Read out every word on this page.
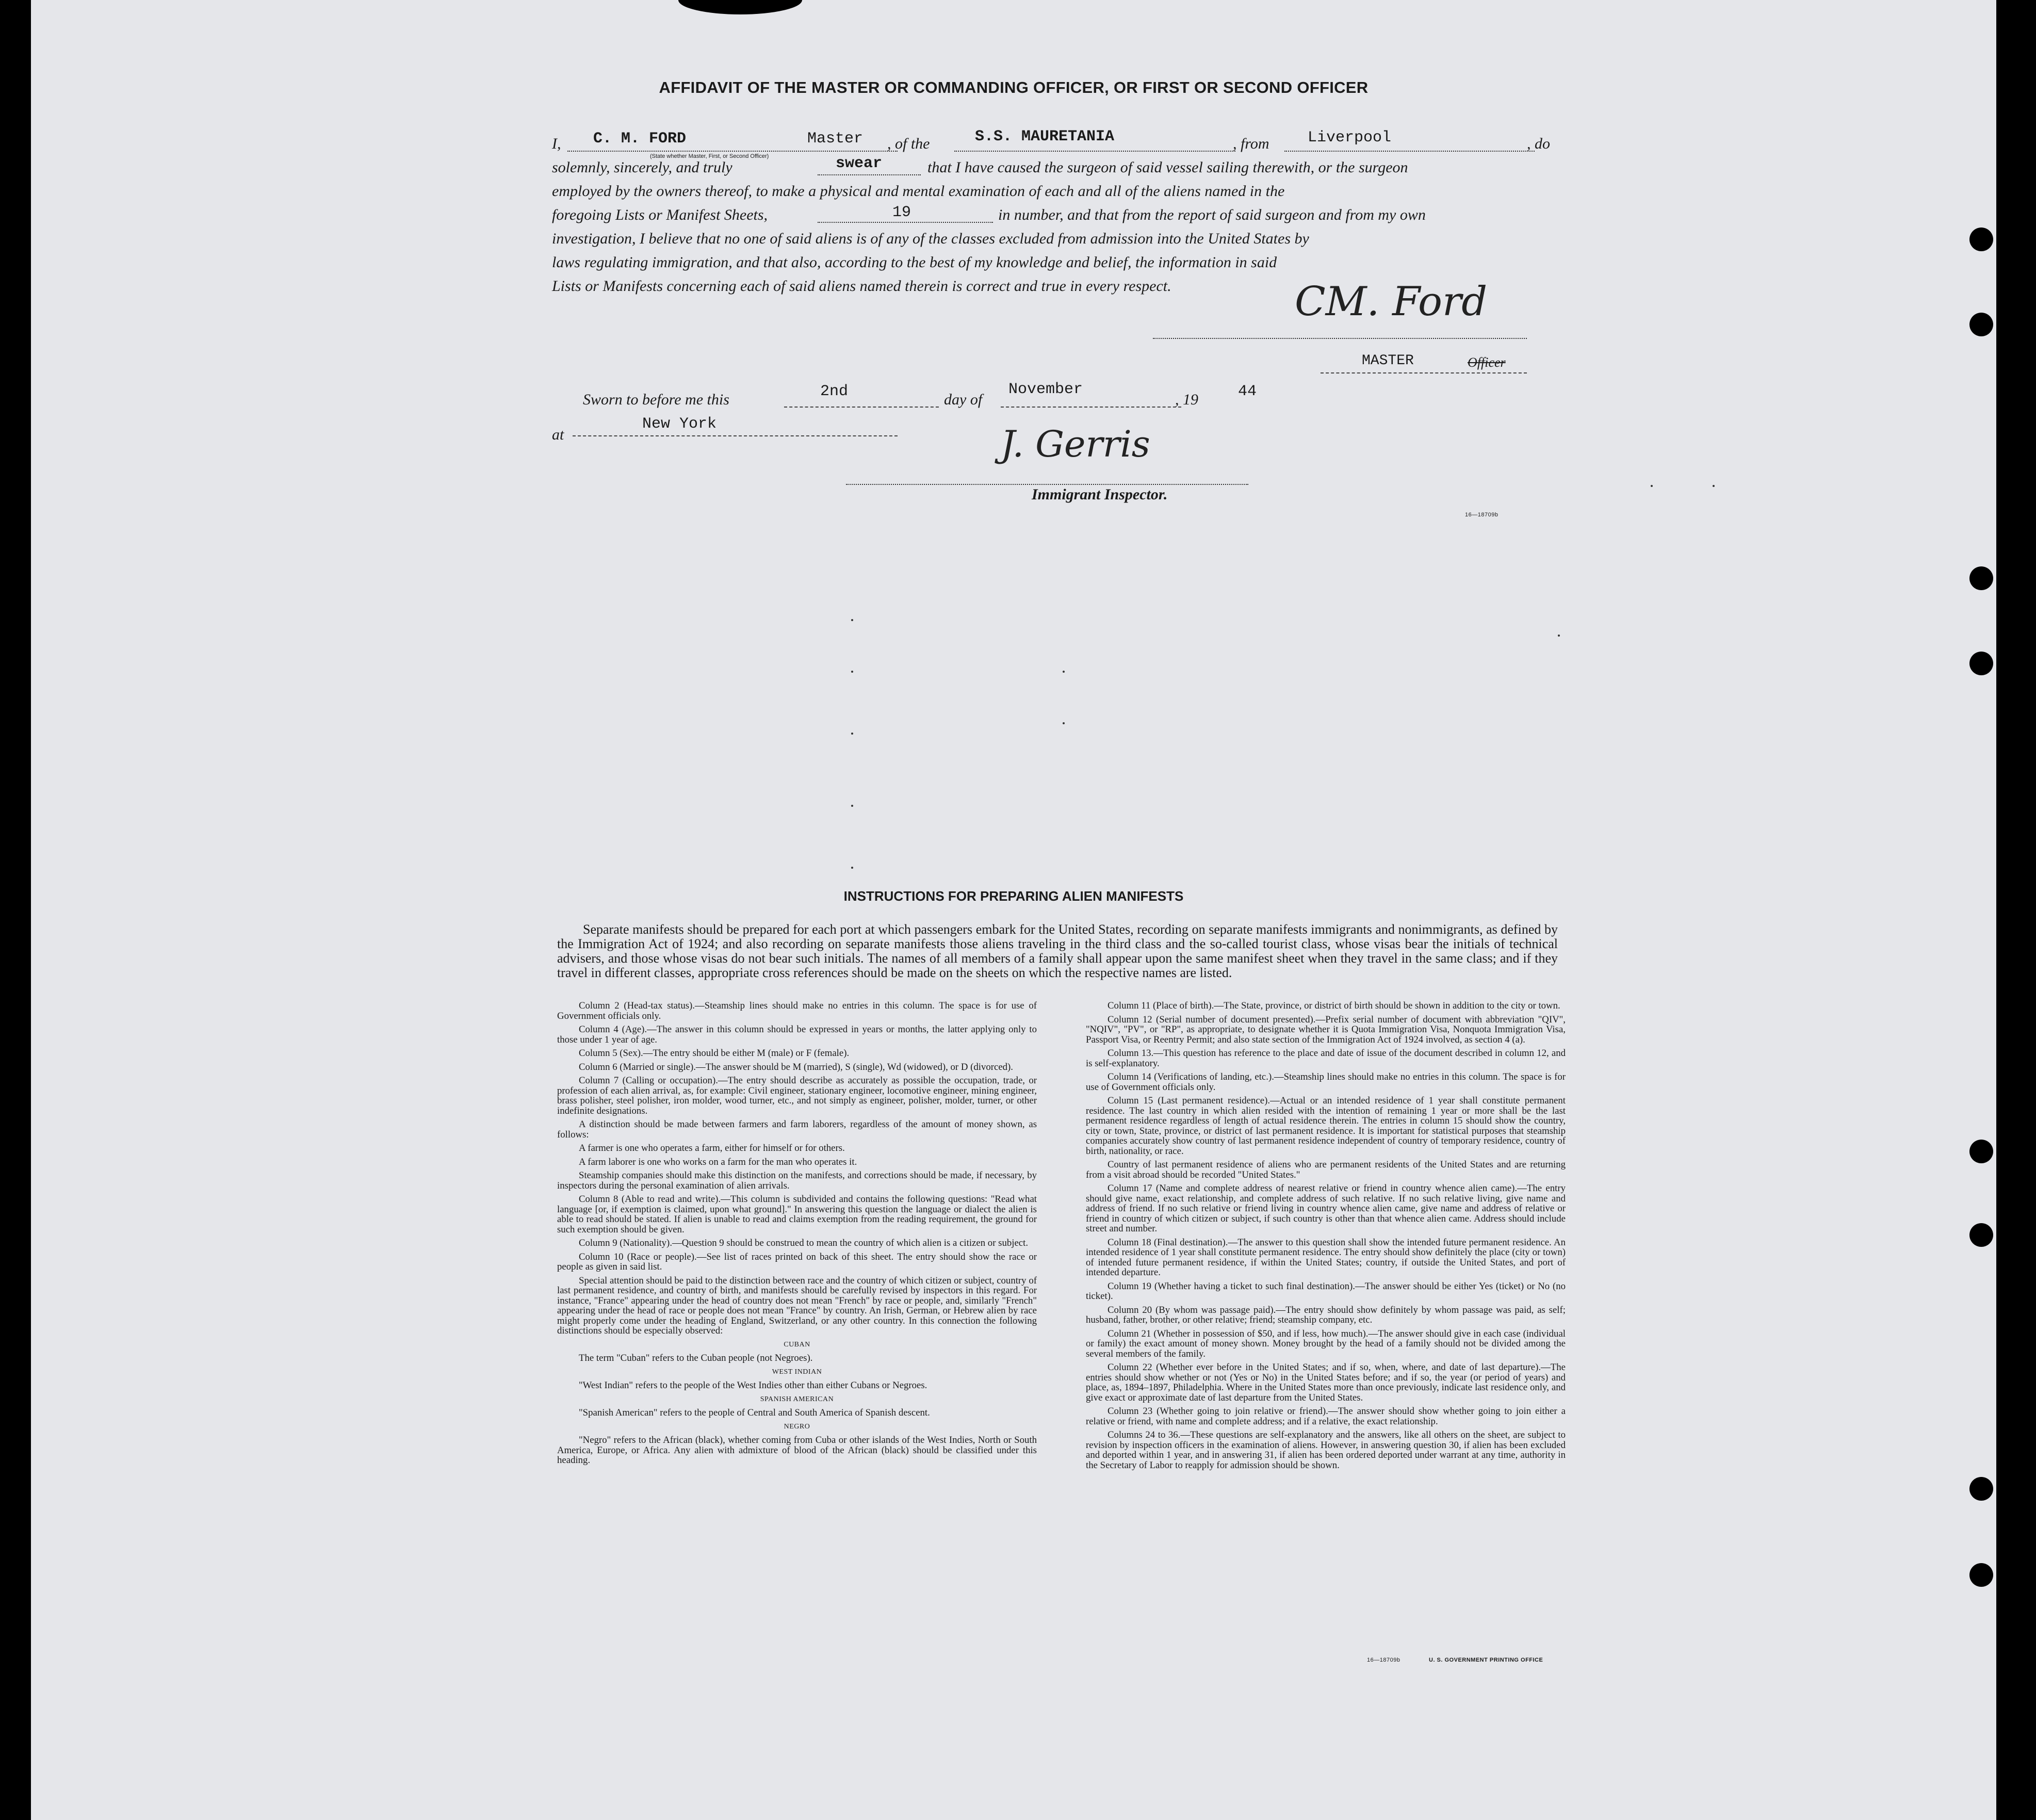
AFFIDAVIT OF THE MASTER OR COMMANDING OFFICER, OR FIRST OR SECOND OFFICER
I, C. M. FORD	Master
(State whether Master, First, or Second Officer)
, of the	S.S. MAURETANIA	, from Liverpool	, do
solemnly, sincerely, and truly	swear	that I have caused the surgeon of said vessel sailing therewith, or the surgeon
employed by the owners thereof, to make a physical and mental examination of each and all of the aliens named in the
foregoing Lists or Manifest Sheets,	19	in number, and that from the report of said surgeon and from my own
investigation, I believe that no one of said aliens is of any of the classes excluded from admission into the United States by
laws regulating immigration, and that also, according to the best of my knowledge and belief, the information in said
Lists or Manifests concerning each of said aliens named therein is correct and true in every respect.	CM. Ford
MASTER	Officer
Sworn to before me this	2nd	day of
November
, 19	44
at
New York	J. Gerris
Immigrant Inspector.
16—18709b
INSTRUCTIONS FOR PREPARING ALIEN MANIFESTS
Separate manifests should be prepared for each port at which passengers embark for the United States, recording on separate manifests immigrants and nonimmigrants, as defined by the Immigration Act of 1924; and also recording on separate manifests those aliens traveling in the third class and the so-called tourist class, whose visas bear the initials of technical advisers, and those whose visas do not bear such initials. The names of all members of a family shall appear upon the same manifest sheet when they travel in the same class; and if they travel in different classes, appropriate cross references should be made on the sheets on which the respective names are listed.

Column 2 (Head-tax status).—Steamship lines should make no entries in this column. The space is for use of Government officials only.

Column 4 (Age).—The answer in this column should be expressed in years or months, the latter applying only to those under 1 year of age.

Column 5 (Sex).—The entry should be either M (male) or F (female).

Column 6 (Married or single).—The answer should be M (married), S (single), Wd (widowed), or D (divorced).

Column 7 (Calling or occupation).—The entry should describe as accurately as possible the occupation, trade, or profession of each alien arrival, as, for example: Civil engineer, stationary engineer, locomotive engineer, mining engineer, brass polisher, steel polisher, iron molder, wood turner, etc., and not simply as engineer, polisher, molder, turner, or other indefinite designations.

A distinction should be made between farmers and farm laborers, regardless of the amount of money shown, as follows:

A farmer is one who operates a farm, either for himself or for others.

A farm laborer is one who works on a farm for the man who operates it.

Steamship companies should make this distinction on the manifests, and corrections should be made, if necessary, by inspectors during the personal examination of alien arrivals.

Column 8 (Able to read and write).—This column is subdivided and contains the following questions: "Read what language [or, if exemption is claimed, upon what ground]." In answering this question the language or dialect the alien is able to read should be stated. If alien is unable to read and claims exemption from the reading requirement, the ground for such exemption should be given.

Column 9 (Nationality).—Question 9 should be construed to mean the country of which alien is a citizen or subject.

Column 10 (Race or people).—See list of races printed on back of this sheet. The entry should show the race or people as given in said list.

Special attention should be paid to the distinction between race and the country of which citizen or subject, country of last permanent residence, and country of birth, and manifests should be carefully revised by inspectors in this regard. For instance, "France" appearing under the head of country does not mean "French" by race or people, and, similarly "French" appearing under the head of race or people does not mean "France" by country. An Irish, German, or Hebrew alien by race might properly come under the heading of England, Switzerland, or any other country. In this connection the following distinctions should be especially observed:

CUBAN

The term "Cuban" refers to the Cuban people (not Negroes).

WEST INDIAN

"West Indian" refers to the people of the West Indies other than either Cubans or Negroes.

SPANISH AMERICAN

"Spanish American" refers to the people of Central and South America of Spanish descent.

NEGRO

"Negro" refers to the African (black), whether coming from Cuba or other islands of the West Indies, North or South America, Europe, or Africa. Any alien with admixture of blood of the African (black) should be classified under this heading.

Column 11 (Place of birth).—The State, province, or district of birth should be shown in addition to the city or town.

Column 12 (Serial number of document presented).—Prefix serial number of document with abbreviation "QIV", "NQIV", "PV", or "RP", as appropriate, to designate whether it is Quota Immigration Visa, Nonquota Immigration Visa, Passport Visa, or Reentry Permit; and also state section of the Immigration Act of 1924 involved, as section 4 (a).

Column 13.—This question has reference to the place and date of issue of the document described in column 12, and is self-explanatory.

Column 14 (Verifications of landing, etc.).—Steamship lines should make no entries in this column. The space is for use of Government officials only.

Column 15 (Last permanent residence).—Actual or an intended residence of 1 year shall constitute permanent residence. The last country in which alien resided with the intention of remaining 1 year or more shall be the last permanent residence regardless of length of actual residence therein. The entries in column 15 should show the country, city or town, State, province, or district of last permanent residence. It is important for statistical purposes that steamship companies accurately show country of last permanent residence independent of country of temporary residence, country of birth, nationality, or race.

Country of last permanent residence of aliens who are permanent residents of the United States and are returning from a visit abroad should be recorded "United States."

Column 17 (Name and complete address of nearest relative or friend in country whence alien came).—The entry should give name, exact relationship, and complete address of such relative. If no such relative living, give name and address of friend. If no such relative or friend living in country whence alien came, give name and address of relative or friend in country of which citizen or subject, if such country is other than that whence alien came. Address should include street and number.

Column 18 (Final destination).—The answer to this question shall show the intended future permanent residence. An intended residence of 1 year shall constitute permanent residence. The entry should show definitely the place (city or town) of intended future permanent residence, if within the United States; country, if outside the United States, and port of intended departure.

Column 19 (Whether having a ticket to such final destination).—The answer should be either Yes (ticket) or No (no ticket).

Column 20 (By whom was passage paid).—The entry should show definitely by whom passage was paid, as self; husband, father, brother, or other relative; friend; steamship company, etc.

Column 21 (Whether in possession of $50, and if less, how much).—The answer should give in each case (individual or family) the exact amount of money shown. Money brought by the head of a family should not be divided among the several members of the family.

Column 22 (Whether ever before in the United States; and if so, when, where, and date of last departure).—The entries should show whether or not (Yes or No) in the United States before; and if so, the year (or period of years) and place, as, 1894–1897, Philadelphia. Where in the United States more than once previously, indicate last residence only, and give exact or approximate date of last departure from the United States.

Column 23 (Whether going to join relative or friend).—The answer should show whether going to join either a relative or friend, with name and complete address; and if a relative, the exact relationship.

Columns 24 to 36.—These questions are self-explanatory and the answers, like all others on the sheet, are subject to revision by inspection officers in the examination of aliens. However, in answering question 30, if alien has been excluded and deported within 1 year, and in answering 31, if alien has been ordered deported under warrant at any time, authority in the Secretary of Labor to reapply for admission should be shown.

16—18709b	U. S. GOVERNMENT PRINTING OFFICE
